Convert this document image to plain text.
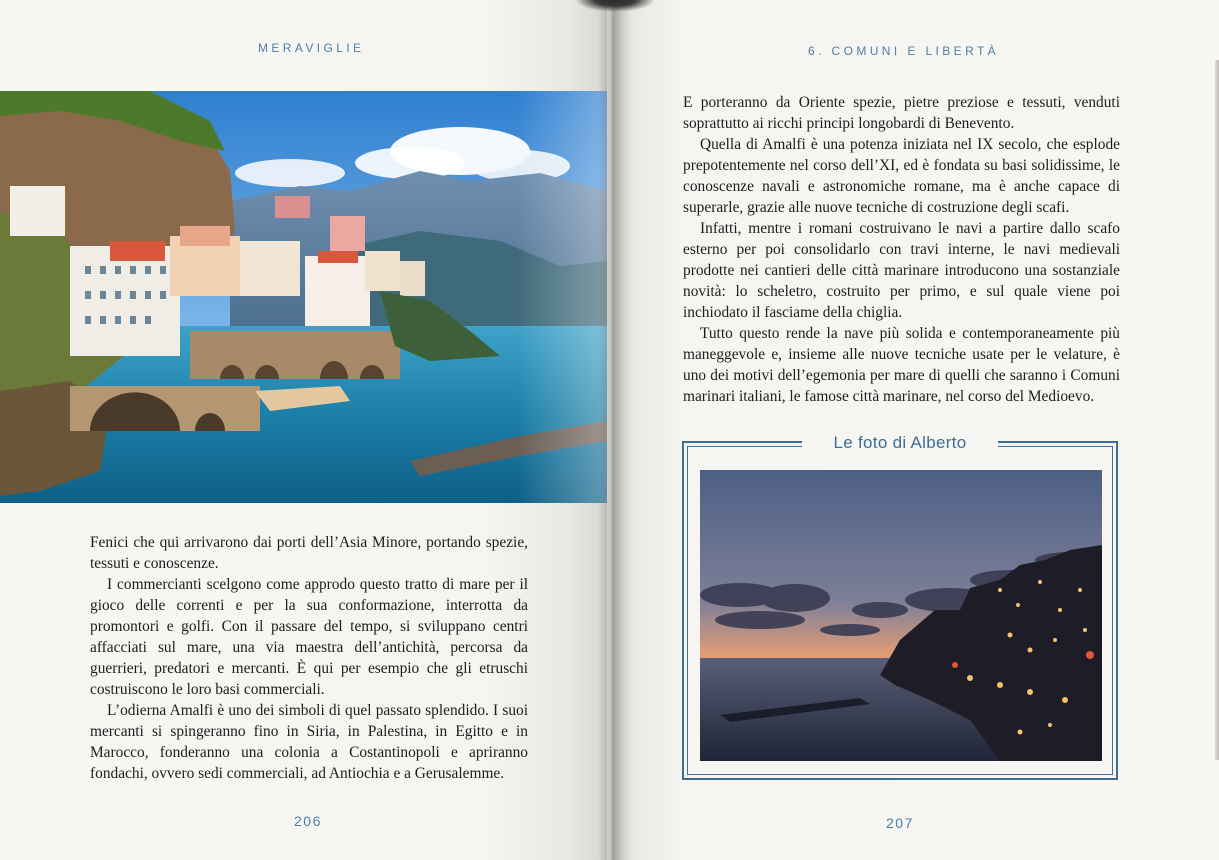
MERAVIGLIE

Fenici che qui arrivarono dai porti dell’Asia Minore, portando spezie, tessuti e conoscenze.

I commercianti scelgono come approdo questo tratto di mare per il gioco delle correnti e per la sua conformazione, interrotta da promontori e golfi. Con il passare del tempo, si sviluppano centri affacciati sul mare, una via maestra dell’antichità, percorsa da guerrieri, predatori e mercanti. È qui per esempio che gli etruschi costruiscono le loro basi commerciali.

L’odierna Amalfi è uno dei simboli di quel passato splendido. I suoi mercanti si spingeranno fino in Siria, in Palestina, in Egitto e in Marocco, fonderanno una colonia a Costantinopoli e apriranno fondachi, ovvero sedi commerciali, ad Antiochia e a Gerusalemme.

206
6. COMUNI E LIBERTÀ

E porteranno da Oriente spezie, pietre preziose e tessuti, venduti soprattutto ai ricchi principi longobardi di Benevento.

Quella di Amalfi è una potenza iniziata nel IX secolo, che esplode prepotentemente nel corso dell’XI, ed è fondata su basi solidissime, le conoscenze navali e astronomiche romane, ma è anche capace di superarle, grazie alle nuove tecniche di costruzione degli scafi.

Infatti, mentre i romani costruivano le navi a partire dallo scafo esterno per poi consolidarlo con travi interne, le navi medievali prodotte nei cantieri delle città marinare introducono una sostanziale novità: lo scheletro, costruito per primo, e sul quale viene poi inchiodato il fasciame della chiglia.

Tutto questo rende la nave più solida e contemporaneamente più maneggevole e, insieme alle nuove tecniche usate per le velature, è uno dei motivi dell’egemonia per mare di quelli che saranno i Comuni marinari italiani, le famose città marinare, nel corso del Medioevo.

Le foto di Alberto
207
